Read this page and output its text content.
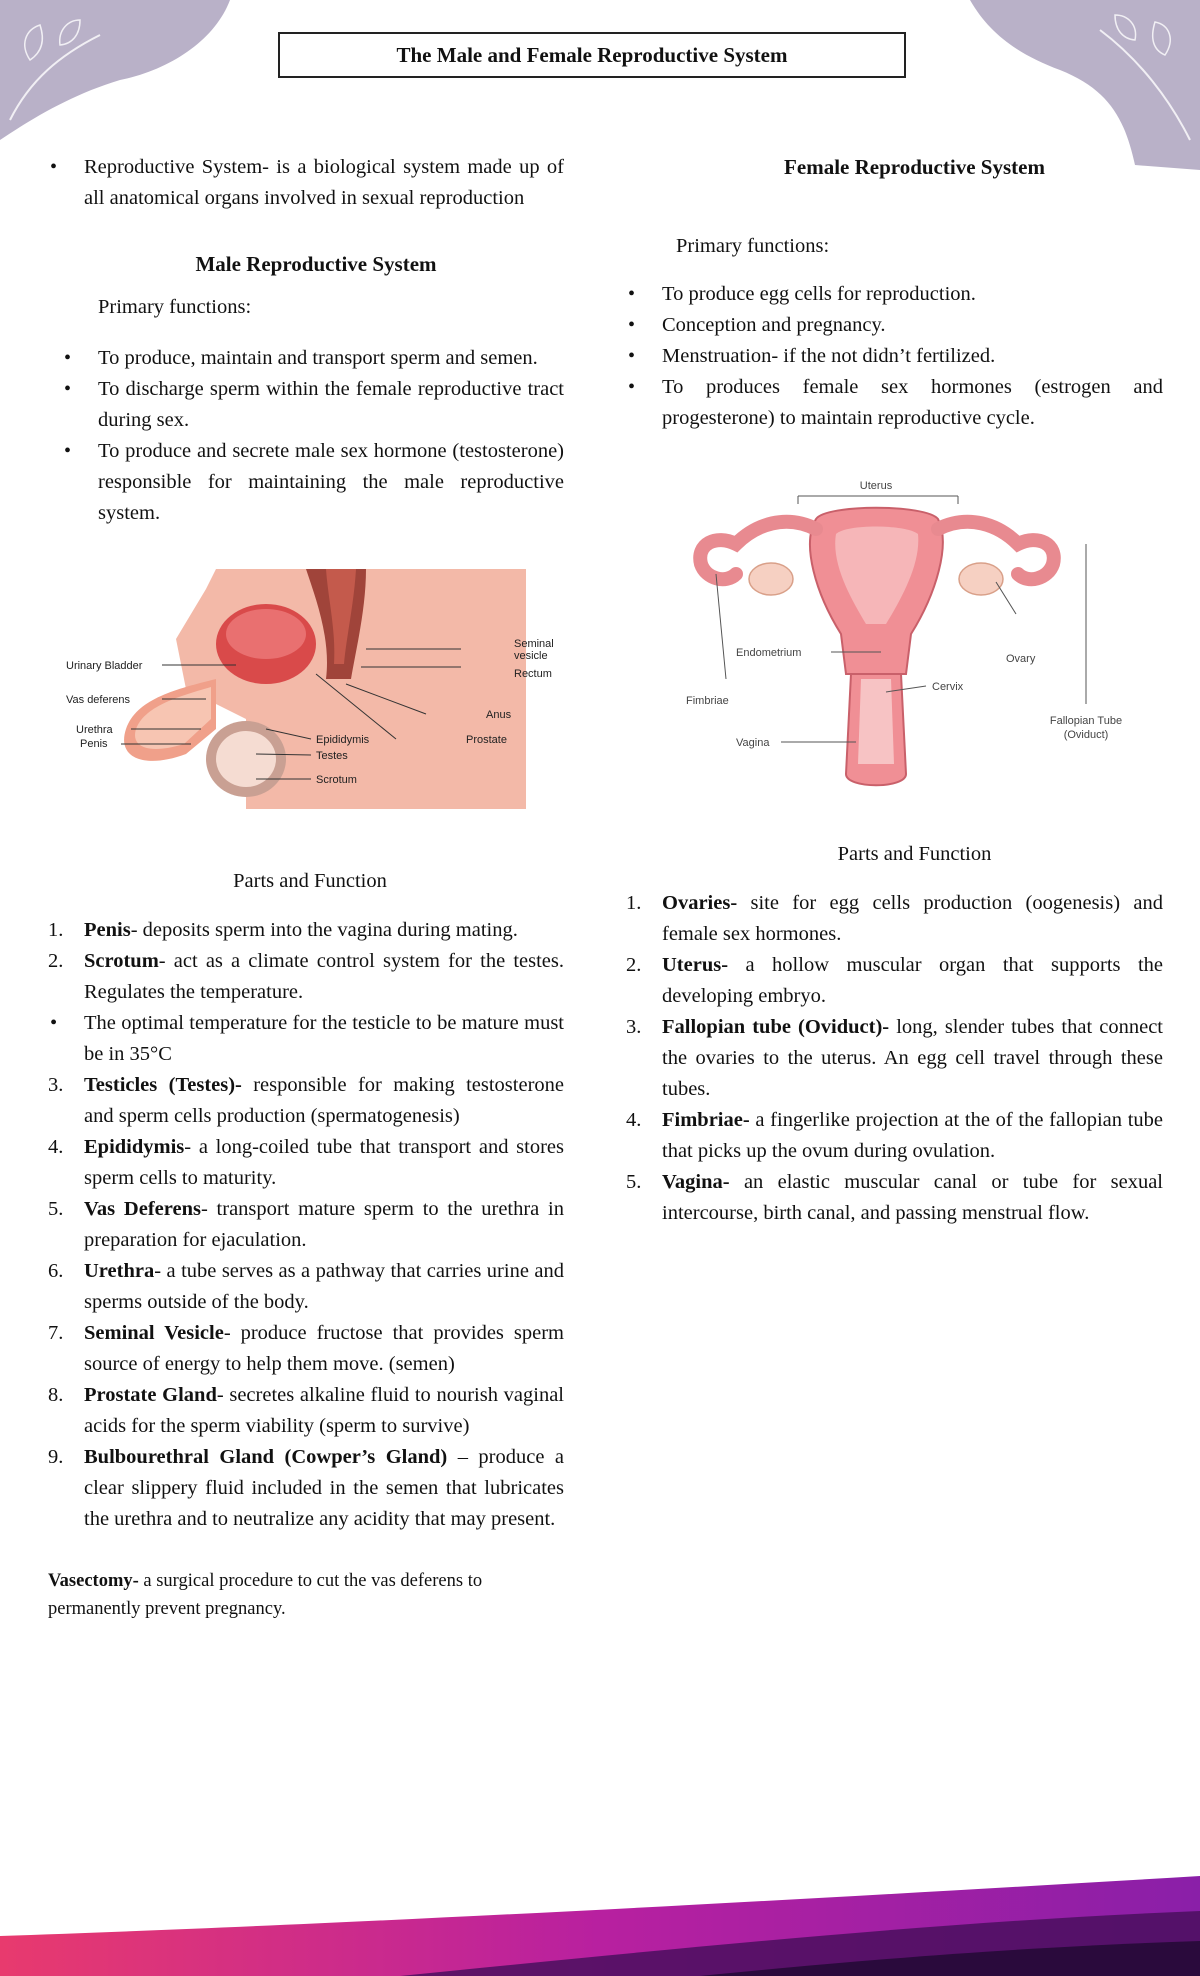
The Male and Female Reproductive System
• Reproductive System- is a biological system made up of all anatomical organs involved in sexual reproduction
Male Reproductive System

Primary functions:

• To produce, maintain and transport sperm and semen.
• To discharge sperm within the female reproductive tract during sex.
• To produce and secrete male sex hormone (testosterone) responsible for maintaining the male reproductive system.
Urinary Bladder
Vas deferens
Urethra
Penis
Seminal
vesicle
Rectum
Anus
Prostate
Epididymis
Testes
Scrotum

Parts and Function

1. Penis- deposits sperm into the vagina during mating.
2. Scrotum- act as a climate control system for the testes. Regulates the temperature.
• The optimal temperature for the testicle to be mature must be in 35°C
3. Testicles (Testes)- responsible for making testosterone and sperm cells production (spermatogenesis)
4. Epididymis- a long-coiled tube that transport and stores sperm cells to maturity.
5. Vas Deferens- transport mature sperm to the urethra in preparation for ejaculation.
6. Urethra- a tube serves as a pathway that carries urine and sperms outside of the body.
7. Seminal Vesicle- produce fructose that provides sperm source of energy to help them move. (semen)
8. Prostate Gland- secretes alkaline fluid to nourish vaginal acids for the sperm viability (sperm to survive)
9. Bulbourethral Gland (Cowper’s Gland) – produce a clear slippery fluid included in the semen that lubricates the urethra and to neutralize any acidity that may present.

Vasectomy- a surgical procedure to cut the vas deferens to permanently prevent pregnancy.

Female Reproductive System

Primary functions:

• To produce egg cells for reproduction.
• Conception and pregnancy.
• Menstruation- if the not didn’t fertilized.
• To produces female sex hormones (estrogen and progesterone) to maintain reproductive cycle.
Uterus
Endometrium	Ovary
Cervix
Fimbriae
Fallopian Tube
(Oviduct)
Vagina

Parts and Function

1. Ovaries- site for egg cells production (oogenesis) and female sex hormones.
2. Uterus- a hollow muscular organ that supports the developing embryo.
3. Fallopian tube (Oviduct)- long, slender tubes that connect the ovaries to the uterus. An egg cell travel through these tubes.
4. Fimbriae- a fingerlike projection at the of the fallopian tube that picks up the ovum during ovulation.
5. Vagina- an elastic muscular canal or tube for sexual intercourse, birth canal, and passing menstrual flow.
